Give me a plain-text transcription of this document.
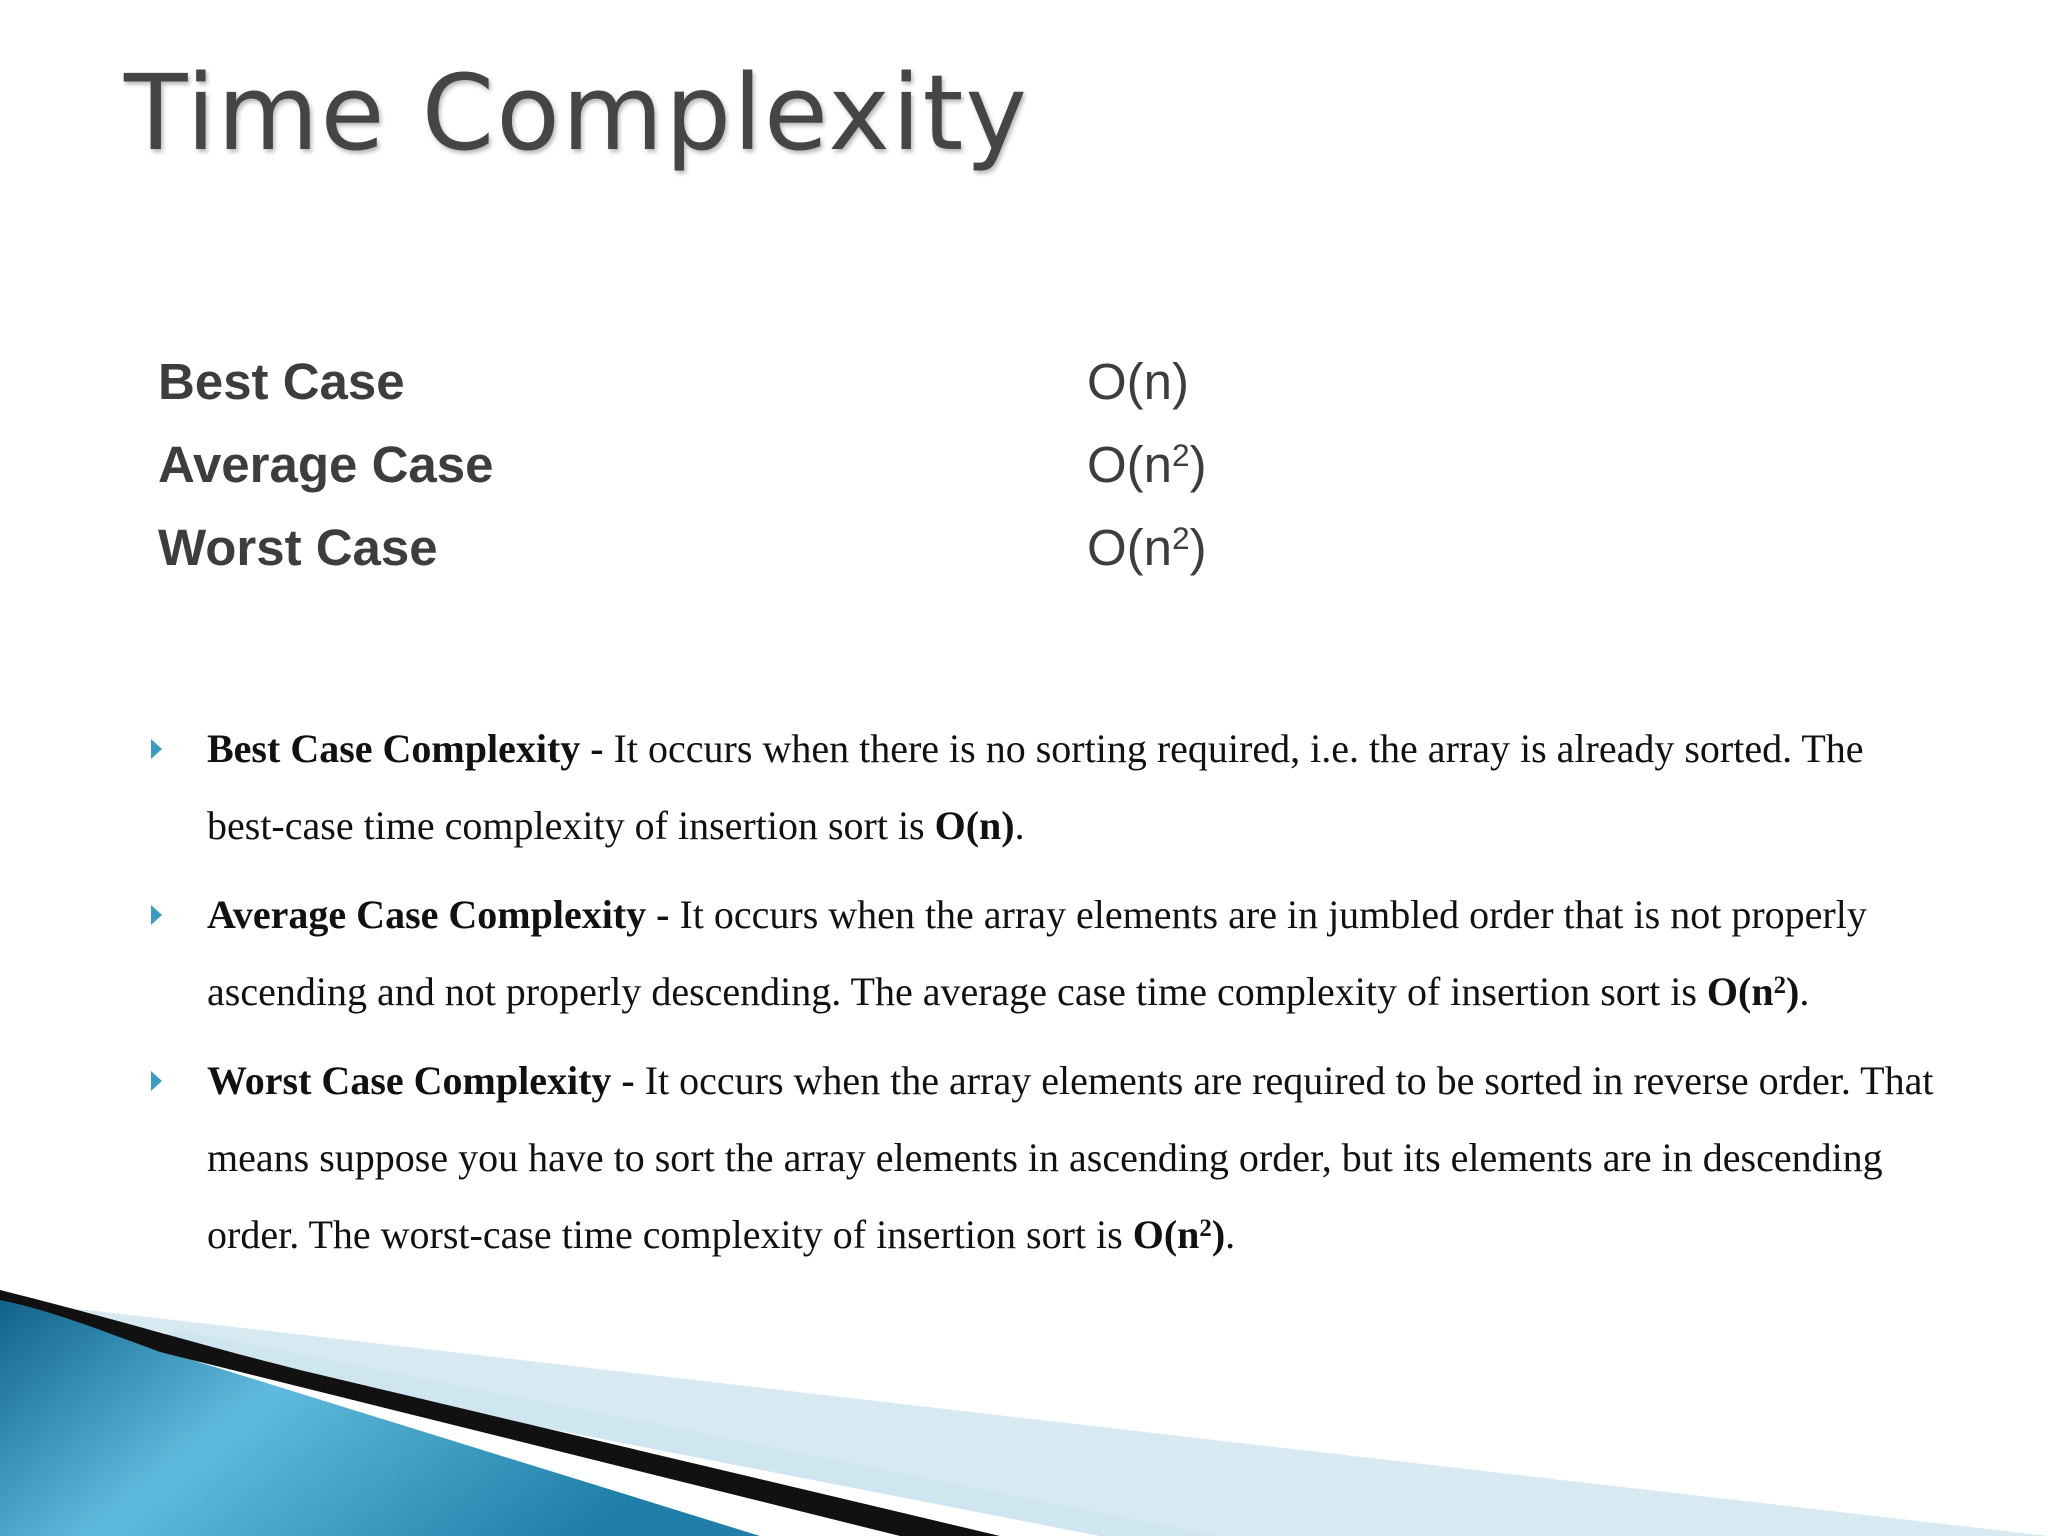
Time Complexity
Best Case	O(n)
Average Case	$O(n^2)$
Worst Case	$O(n^2)$
Best Case Complexity - It occurs when there is no sorting required, i.e. the array is already sorted. The best-case time complexity of insertion sort is O(n).
Average Case Complexity - It occurs when the array elements are in jumbled order that is not properly ascending and not properly descending. The average case time complexity of insertion sort is $O(n^2)$.
Worst Case Complexity - It occurs when the array elements are required to be sorted in reverse order. That means suppose you have to sort the array elements in ascending order, but its elements are in descending order. The worst-case time complexity of insertion sort is $O(n^2)$.
